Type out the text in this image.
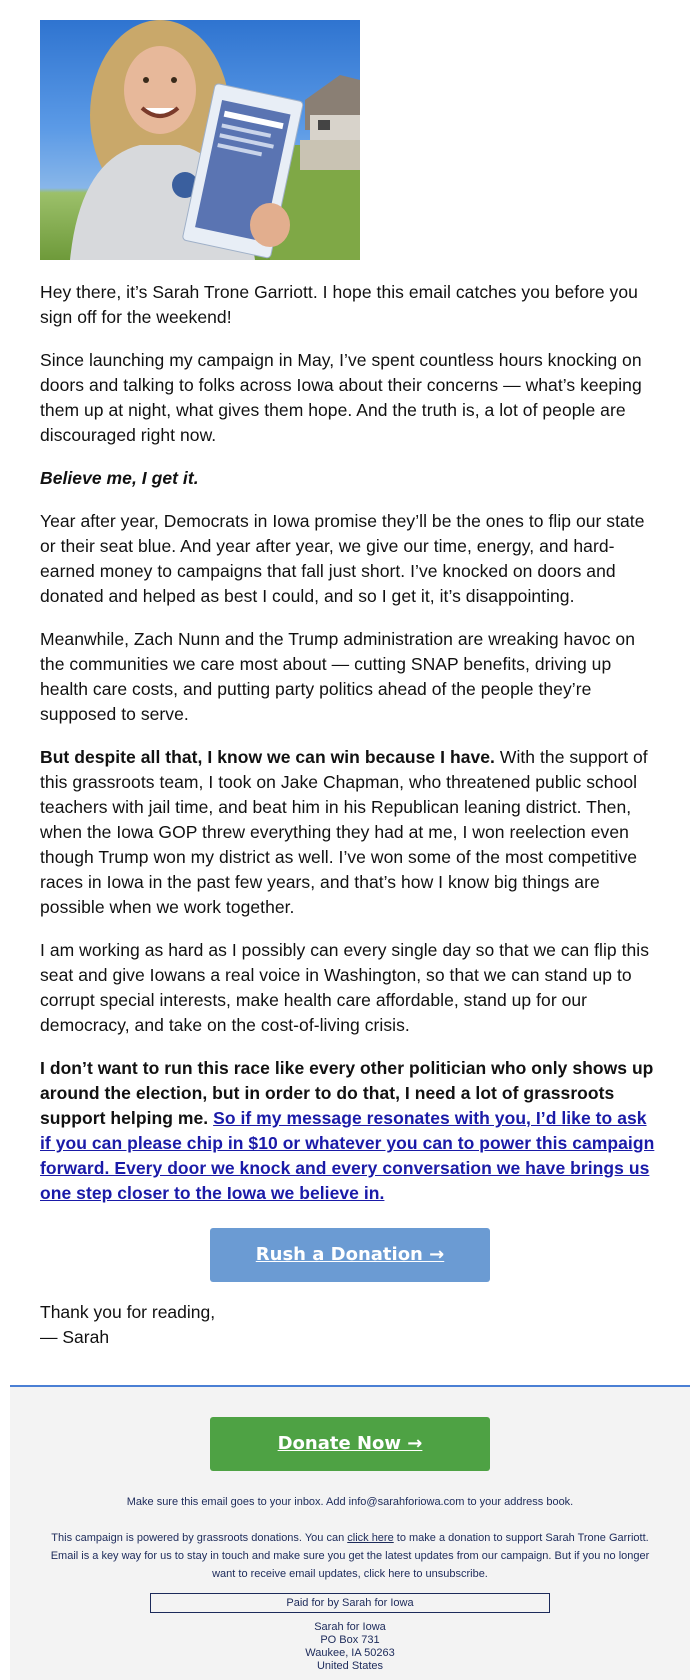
Hey there, it’s Sarah Trone Garriott. I hope this email catches you before you sign off for the weekend!

Since launching my campaign in May, I’ve spent countless hours knocking on doors and talking to folks across Iowa about their concerns — what’s keeping them up at night, what gives them hope. And the truth is, a lot of people are discouraged right now.

Believe me, I get it.

Year after year, Democrats in Iowa promise they’ll be the ones to flip our state or their seat blue. And year after year, we give our time, energy, and hard-earned money to campaigns that fall just short. I’ve knocked on doors and donated and helped as best I could, and so I get it, it’s disappointing.

Meanwhile, Zach Nunn and the Trump administration are wreaking havoc on the communities we care most about — cutting SNAP benefits, driving up health care costs, and putting party politics ahead of the people they’re supposed to serve.

But despite all that, I know we can win because I have. With the support of this grassroots team, I took on Jake Chapman, who threatened public school teachers with jail time, and beat him in his Republican leaning district. Then, when the Iowa GOP threw everything they had at me, I won reelection even though Trump won my district as well. I’ve won some of the most competitive races in Iowa in the past few years, and that’s how I know big things are possible when we work together.

I am working as hard as I possibly can every single day so that we can flip this seat and give Iowans a real voice in Washington, so that we can stand up to corrupt special interests, make health care affordable, stand up for our democracy, and take on the cost-of-living crisis.

I don’t want to run this race like every other politician who only shows up around the election, but in order to do that, I need a lot of grassroots support helping me. So if my message resonates with you, I’d like to ask if you can please chip in $10 or whatever you can to power this campaign forward. Every door we knock and every conversation we have brings us one step closer to the Iowa we believe in.

Rush a Donation →

Thank you for reading,
— Sarah

Donate Now →
Make sure this email goes to your inbox. Add info@sarahforiowa.com to your address book.
This campaign is powered by grassroots donations. You can click here to make a donation to support Sarah Trone Garriott. Email is a key way for us to stay in touch and make sure you get the latest updates from our campaign. But if you no longer want to receive email updates, click here to unsubscribe.
Paid for by Sarah for Iowa
Sarah for Iowa
PO Box 731
Waukee, IA 50263
United States
